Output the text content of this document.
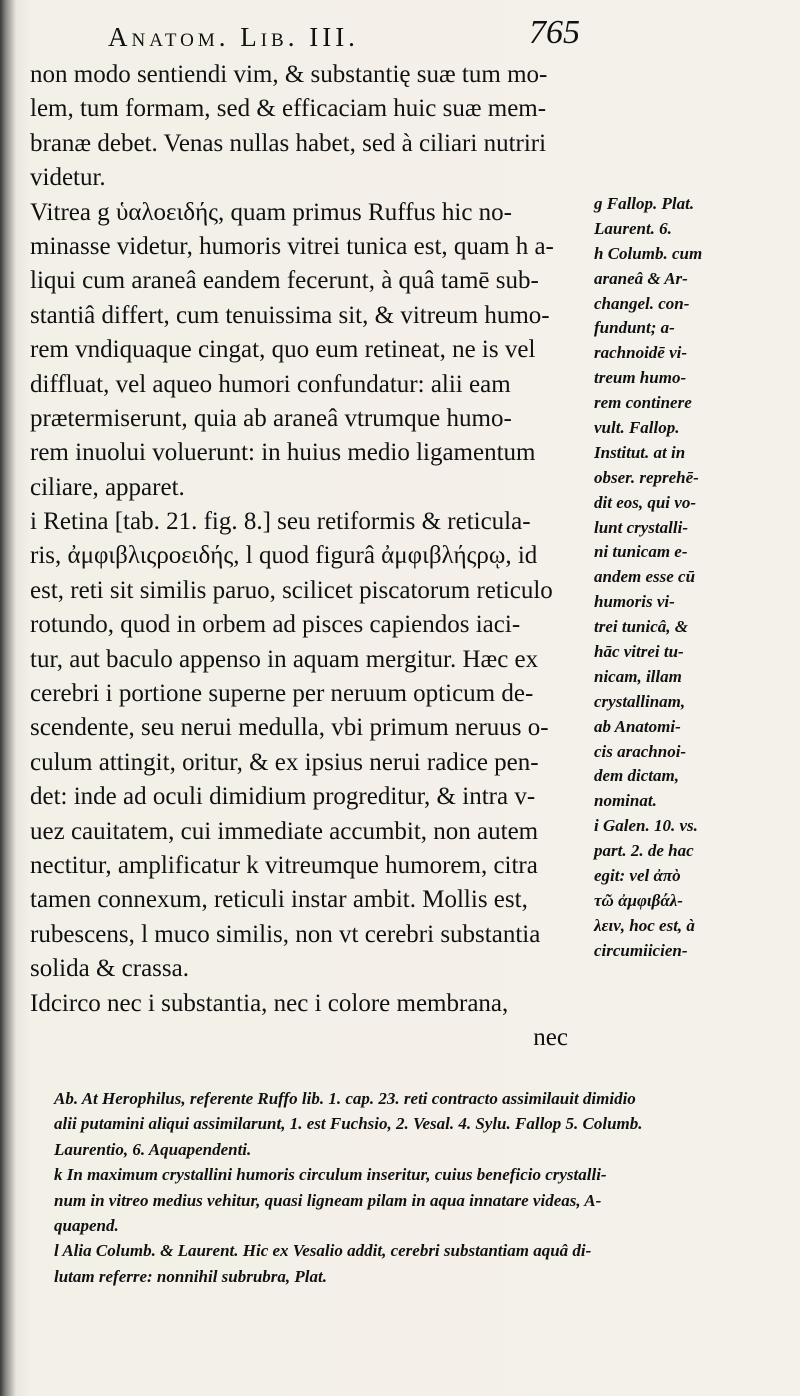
Anatom. Lib. III.	765
non modo sentiendi vim, & substantię suæ tum mo-
lem, tum formam, sed & efficaciam huic suæ mem-
branæ debet. Venas nullas habet, sed à ciliari nutriri
videtur.
Vitrea g ὑαλοειδής, quam primus Ruffus hic no-
minasse videtur, humoris vitrei tunica est, quam h a-
liqui cum araneâ eandem fecerunt, à quâ tamē sub-
stantiâ differt, cum tenuissima sit, & vitreum humo-
rem vndiquaque cingat, quo eum retineat, ne is vel
diffluat, vel aqueo humori confundatur: alii eam
prætermiserunt, quia ab araneâ vtrumque humo-
rem inuolui voluerunt: in huius medio ligamentum
ciliare, apparet.
i Retina [tab. 21. fig. 8.] seu retiformis & reticula-
ris, ἀμφιβλιςροειδής, l quod figurâ ἀμφιβλήςρῳ, id
est, reti sit similis paruo, scilicet piscatorum reticulo
rotundo, quod in orbem ad pisces capiendos iaci-
tur, aut baculo appenso in aquam mergitur. Hæc ex
cerebri i portione superne per neruum opticum de-
scendente, seu nerui medulla, vbi primum neruus o-
culum attingit, oritur, & ex ipsius nerui radice pen-
det: inde ad oculi dimidium progreditur, & intra v-
uez cauitatem, cui immediate accumbit, non autem
nectitur, amplificatur k vitreumque humorem, citra
tamen connexum, reticuli instar ambit. Mollis est,
rubescens, l muco similis, non vt cerebri substantia
solida & crassa.
Idcirco nec i substantia, nec i colore membrana,
nec
g Fallop. Plat.
Laurent. 6.
h Columb. cum
araneâ & Ar-
changel. con-
fundunt; a-
rachnoidē vi-
treum humo-
rem continere
vult. Fallop.
Institut. at in
obser. reprehē-
dit eos, qui vo-
lunt crystalli-
ni tunicam e-
andem esse cū
humoris vi-
trei tunicâ, &
hāc vitrei tu-
nicam, illam
crystallinam,
ab Anatomi-
cis arachnoi-
dem dictam,
nominat.
i Galen. 10. vs.
part. 2. de hac
egit: vel ἀπὸ
τῶ ἀμφιβάλ-
λειν, hoc est, à
circumiicien-
Ab. At Herophilus, referente Ruffo lib. 1. cap. 23. reti contracto assimilauit dimidio
alii putamini aliqui assimilarunt, 1. est Fuchsio, 2. Vesal. 4. Sylu. Fallop 5. Columb.
Laurentio, 6. Aquapendenti.
k In maximum crystallini humoris circulum inseritur, cuius beneficio crystalli-
num in vitreo medius vehitur, quasi ligneam pilam in aqua innatare videas, A-
quapend.
l Alia Columb. & Laurent. Hic ex Vesalio addit, cerebri substantiam aquâ di-
lutam referre: nonnihil subrubra, Plat.
